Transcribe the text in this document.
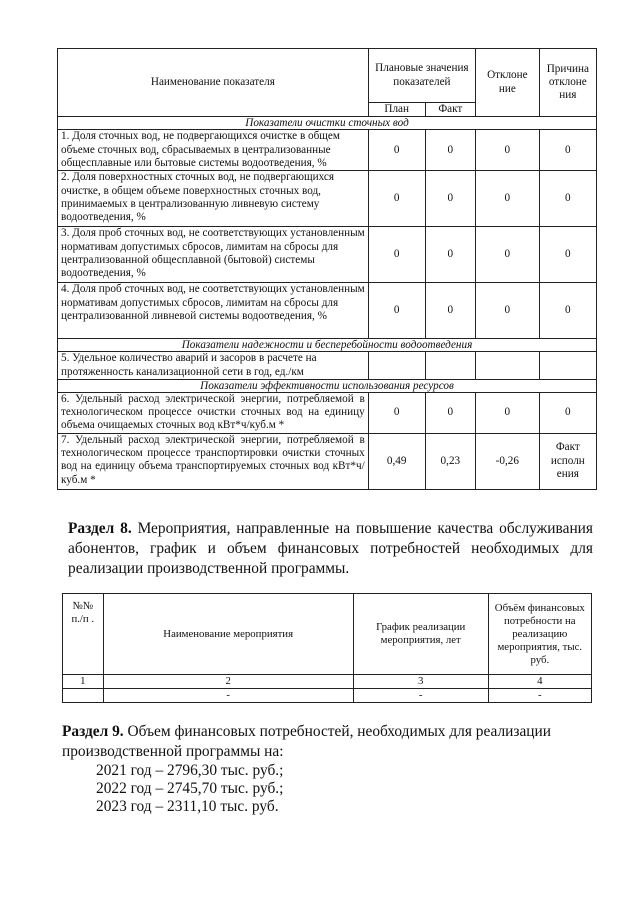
Наименование показателя	Плановые значения показателей		Отклоне ние	Причина отклоне ния
	План	Факт		
Показатели очистки сточных вод				
1. Доля сточных вод, не подвергающихся очистке в общем объеме сточных вод, сбрасываемых в централизованные общесплавные или бытовые системы водоотведения, %	0	0	0	0
2. Доля поверхностных сточных вод, не подвергающихся очистке, в общем объеме поверхностных сточных вод, принимаемых в централизованную ливневую систему водоотведения, %	0	0	0	0
3. Доля проб сточных вод, не соответствующих установленным нормативам допустимых сбросов, лимитам на сбросы для централизованной общесплавной (бытовой) системы водоотведения, %	0	0	0	0
4. Доля проб сточных вод, не соответствующих установленным нормативам допустимых сбросов, лимитам на сбросы для централизованной ливневой системы водоотведения, %	0	0	0	0
Показатели надежности и бесперебойности водоотведения				
5. Удельное количество аварий и засоров в расчете на протяженность канализационной сети в год, ед./км				
Показатели эффективности использования ресурсов				
6. Удельный расход электрической энергии, потребляемой в технологическом процессе очистки сточных вод на единицу объема очищаемых сточных вод кВт*ч/куб.м *	0	0	0	0
7. Удельный расход электрической энергии, потребляемой в технологическом процессе транспортировки очистки сточных вод на единицу объема транспортируемых сточных вод кВт*ч/куб.м *	0,49	0,23	-0,26	Факт исполн ения
Раздел 8. Мероприятия, направленные на повышение качества обслуживания абонентов, график и объем финансовых потребностей необходимых для реализации производственной программы.
№№ п./п .	Наименование мероприятия	График реализации мероприятия, лет	Объём финансовых потребности на реализацию мероприятия, тыс. руб.
1	2	3	4
	-	-	-
Раздел 9. Объем финансовых потребностей, необходимых для реализации производственной программы на:
2021 год – 2796,30 тыс. руб.;
2022 год – 2745,70 тыс. руб.;
2023 год – 2311,10 тыс. руб.
